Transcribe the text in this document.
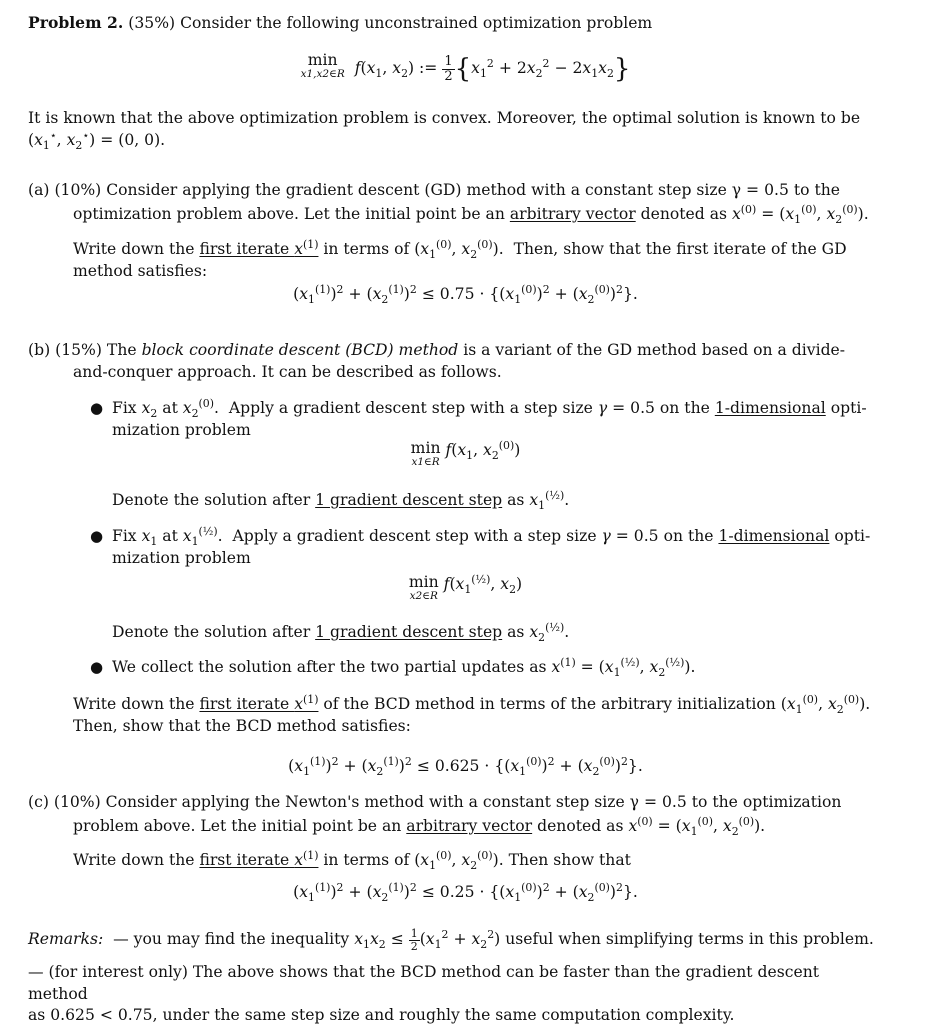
Problem 2. (35%) Consider the following unconstrained optimization problem
min
x1,x2∈R $f(x_1$, $x_2$) := $\frac{1}{2} \{x_1^2 + 2x_2^2 - 2x_1x_2\}$
It is known that the above optimization problem is convex. Moreover, the optimal solution is known to be
($x_1^⋆$, $x_2^⋆) = (0$, 0).
(a) (10%) Consider applying the gradient descent (GD) method with a constant step size γ = 0.5 to the
optimization problem above. Let the initial point be an arbitrary vector denoted as $x^{(0)} = (x_1^{(0)}$, $x_2^{(0)}$).
Write down the first iterate $x^{(1)}$ in terms of ($x_1^{(0)}$, $x_2^{(0)}$).  Then, show that the first iterate of the GD
method satisfies:
$(x_1^{(1)})^2 + (x_2^{(1)})^2 \le 0.75 \cdot \{(x_1^{(0)})^2 + (x_2^{(0)})^2\}$.
(b) (15%) The block coordinate descent (BCD) method is a variant of the GD method based on a divide-
and-conquer approach. It can be described as follows.
● Fix $x_2$ at $x_2^{(0)}$.  Apply a gradient descent step with a step size γ = 0.5 on the 1-dimensional opti-
mization problem
min
x1∈R
$f(x_1$, $x_2^{(0)}$)
Denote the solution after 1 gradient descent step as $x_1^{(\frac{1}{2})}$.
● Fix $x_1$ at $x_1^{(\frac{1}{2})}$.  Apply a gradient descent step with a step size γ = 0.5 on the 1-dimensional opti-
mization problem
min
x2∈R
$f(x_1^{(\frac{1}{2})}$, $x_2$)
Denote the solution after 1 gradient descent step as $x_2^{(\frac{1}{2})}$.
● We collect the solution after the two partial updates as $x^{(1)} = (x_1^{(\frac{1}{2})}$, $x_2^{(\frac{1}{2})}$).
Write down the first iterate $x^{(1)}$ of the BCD method in terms of the arbitrary initialization ($x_1^{(0)}$, $x_2^{(0)}$).
Then, show that the BCD method satisfies:
$(x_1^{(1)})^2 + (x_2^{(1)})^2 \le 0.625 \cdot \{(x_1^{(0)})^2 + (x_2^{(0)})^2\}$.
(c) (10%) Consider applying the Newton's method with a constant step size γ = 0.5 to the optimization
problem above. Let the initial point be an arbitrary vector denoted as $x^{(0)} = (x_1^{(0)}$, $x_2^{(0)}$).
Write down the first iterate $x^{(1)}$ in terms of ($x_1^{(0)}$, $x_2^{(0)}$). Then show that
$(x_1^{(1)})^2 + (x_2^{(1)})^2 \le 0.25 \cdot \{(x_1^{(0)})^2 + (x_2^{(0)})^2\}$.
Remarks:  — you may find the inequality $x_1x_2 \le \frac{1}{2} (x_1^2 + x_2^2)$ useful when simplifying terms in this problem.
— (for interest only) The above shows that the BCD method can be faster than the gradient descent method
as 0.625 < 0.75, under the same step size and roughly the same computation complexity.
